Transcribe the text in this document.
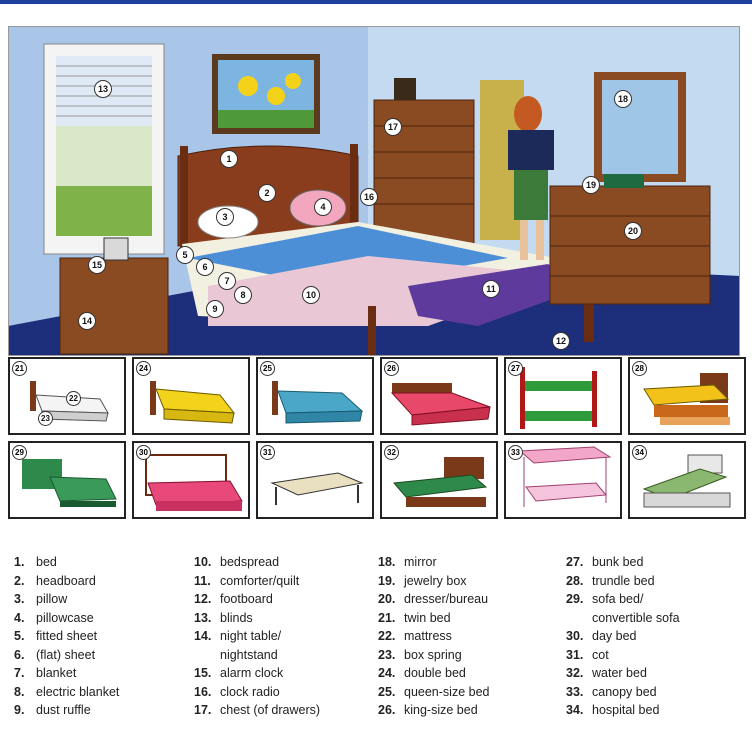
1
2
3
4
5
6
7
8
9
10
11
12
13
14
15
16
17
18
19
20
21
22
23
24	25	26	27	28
29	30	31	32	33	34
1. bed
2. headboard
3. pillow
4. pillowcase
5. fitted sheet
6. (flat) sheet
7. blanket
8. electric blanket
9. dust ruffle
10. bedspread
11. comforter/quilt
12. footboard
13. blinds
14. night table/
nightstand
15. alarm clock
16. clock radio
17. chest (of drawers)
18. mirror
19. jewelry box
20. dresser/bureau
21. twin bed
22. mattress
23. box spring
24. double bed
25. queen-size bed
26. king-size bed
27. bunk bed
28. trundle bed
29. sofa bed/
convertible sofa
30. day bed
31. cot
32. water bed
33. canopy bed
34. hospital bed
